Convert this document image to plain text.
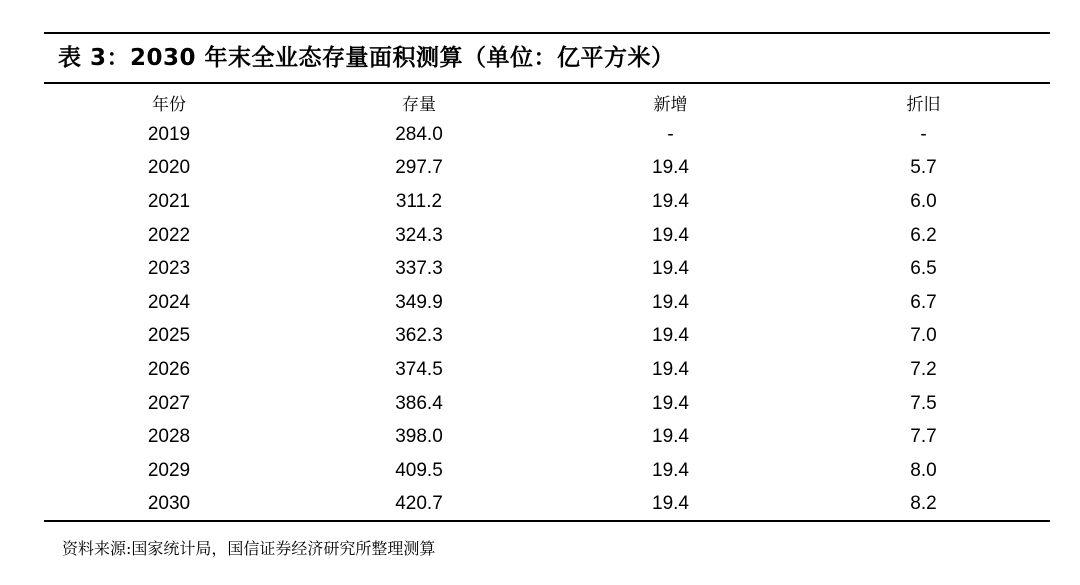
表 3：2030 年末全业态存量面积测算（单位：亿平方米）
年份	存量	新增	折旧
2019	284.0	-	-
2020	297.7	19.4	5.7
2021	311.2	19.4	6.0
2022	324.3	19.4	6.2
2023	337.3	19.4	6.5
2024	349.9	19.4	6.7
2025	362.3	19.4	7.0
2026	374.5	19.4	7.2
2027	386.4	19.4	7.5
2028	398.0	19.4	7.7
2029	409.5	19.4	8.0
2030	420.7	19.4	8.2
资料来源:国家统计局，国信证券经济研究所整理测算
